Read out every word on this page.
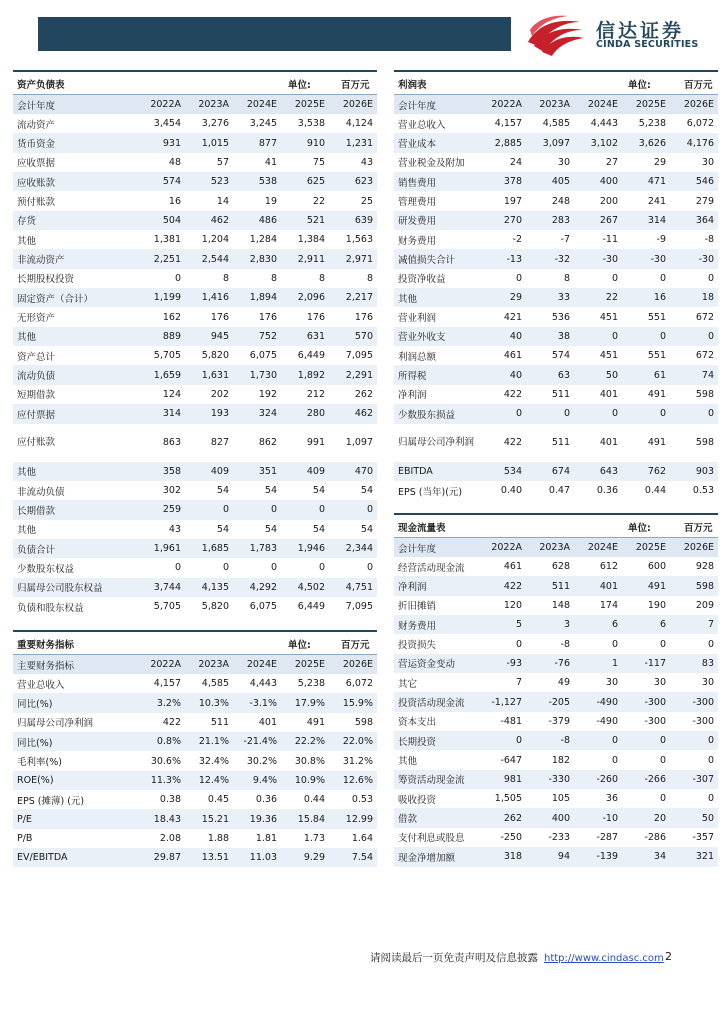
信达证券
CINDA SECURITIES
资产负债表	单位:	百万元
会计年度	2022A	2023A	2024E	2025E	2026E
流动资产	3,454	3,276	3,245	3,538	4,124
货币资金	931	1,015	877	910	1,231
应收票据	48	57	41	75	43
应收账款	574	523	538	625	623
预付账款	16	14	19	22	25
存货	504	462	486	521	639
其他	1,381	1,204	1,284	1,384	1,563
非流动资产	2,251	2,544	2,830	2,911	2,971
长期股权投资	0	8	8	8	8
固定资产（合计）	1,199	1,416	1,894	2,096	2,217
无形资产	162	176	176	176	176
其他	889	945	752	631	570
资产总计	5,705	5,820	6,075	6,449	7,095
流动负债	1,659	1,631	1,730	1,892	2,291
短期借款	124	202	192	212	262
应付票据	314	193	324	280	462
应付账款	863	827	862	991	1,097
其他	358	409	351	409	470
非流动负债	302	54	54	54	54
长期借款	259	0	0	0	0
其他	43	54	54	54	54
负债合计	1,961	1,685	1,783	1,946	2,344
少数股东权益	0	0	0	0	0
归属母公司股东权益	3,744	4,135	4,292	4,502	4,751
负债和股东权益	5,705	5,820	6,075	6,449	7,095
利润表	单位:	百万元
会计年度	2022A	2023A	2024E	2025E	2026E
营业总收入	4,157	4,585	4,443	5,238	6,072
营业成本	2,885	3,097	3,102	3,626	4,176
营业税金及附加	24	30	27	29	30
销售费用	378	405	400	471	546
管理费用	197	248	200	241	279
研发费用	270	283	267	314	364
财务费用	-2	-7	-11	-9	-8
减值损失合计	-13	-32	-30	-30	-30
投资净收益	0	8	0	0	0
其他	29	33	22	16	18
营业利润	421	536	451	551	672
营业外收支	40	38	0	0	0
利润总额	461	574	451	551	672
所得税	40	63	50	61	74
净利润	422	511	401	491	598
少数股东损益	0	0	0	0	0
归属母公司净利润	422	511	401	491	598
EBITDA	534	674	643	762	903
EPS (当年)(元)	0.40	0.47	0.36	0.44	0.53
现金流量表	单位:	百万元
会计年度	2022A	2023A	2024E	2025E	2026E
经营活动现金流	461	628	612	600	928
净利润	422	511	401	491	598
折旧摊销	120	148	174	190	209
财务费用	5	3	6	6	7
投资损失	0	-8	0	0	0
营运资金变动	-93	-76	1	-117	83
其它	7	49	30	30	30
投资活动现金流	-1,127	-205	-490	-300	-300
资本支出	-481	-379	-490	-300	-300
长期投资	0	-8	0	0	0
其他	-647	182	0	0	0
筹资活动现金流	981	-330	-260	-266	-307
吸收投资	1,505	105	36	0	0
借款	262	400	-10	20	50
支付利息或股息	-250	-233	-287	-286	-357
现金净增加额	318	94	-139	34	321
重要财务指标	单位:	百万元
主要财务指标	2022A	2023A	2024E	2025E	2026E
营业总收入	4,157	4,585	4,443	5,238	6,072
同比(%)	3.2%	10.3%	-3.1%	17.9%	15.9%
归属母公司净利润	422	511	401	491	598
同比(%)	0.8%	21.1%	-21.4%	22.2%	22.0%
毛利率(%)	30.6%	32.4%	30.2%	30.8%	31.2%
ROE(%)	11.3%	12.4%	9.4%	10.9%	12.6%
EPS (摊薄) (元)	0.38	0.45	0.36	0.44	0.53
P/E	18.43	15.21	19.36	15.84	12.99
P/B	2.08	1.88	1.81	1.73	1.64
EV/EBITDA	29.87	13.51	11.03	9.29	7.54
请阅读最后一页免责声明及信息披露 http://www.cindasc.com 2
